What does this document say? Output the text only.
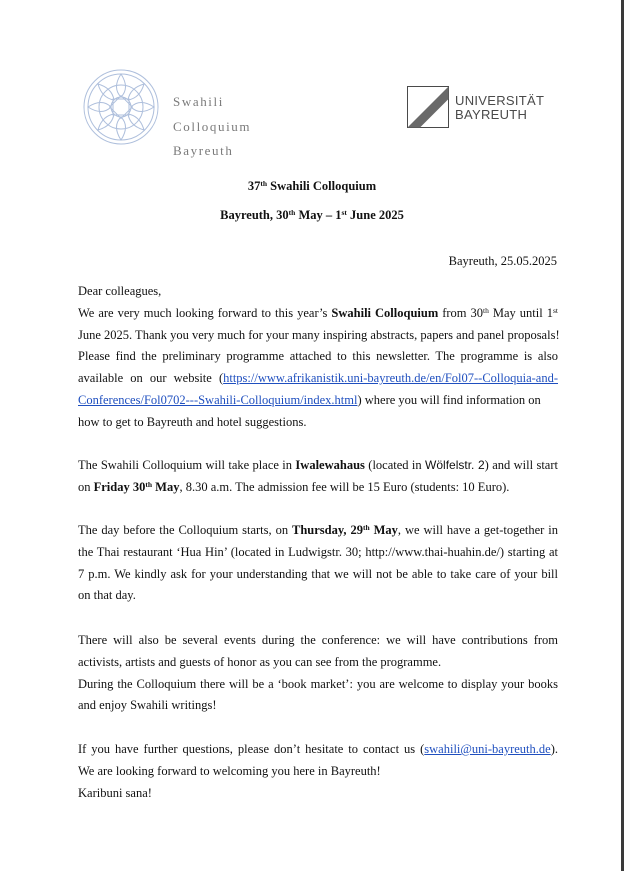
Swahili
Colloquium
Bayreuth
UNIVERSITÄT
BAYREUTH
37th Swahili Colloquium
Bayreuth, 30th May – 1st June 2025
Bayreuth, 25.05.2025
Dear colleagues,
We are very much looking forward to this year’s Swahili Colloquium from 30th May until 1st
June 2025. Thank you very much for your many inspiring abstracts, papers and panel proposals!
Please find the preliminary programme attached to this newsletter. The programme is also
available on our website (https://www.afrikanistik.uni-bayreuth.de/en/Fol07--Colloquia-and-
Conferences/Fol0702---Swahili-Colloquium/index.html) where you will find information on
how to get to Bayreuth and hotel suggestions.
The Swahili Colloquium will take place in Iwalewahaus (located in Wölfelstr. 2) and will start
on Friday 30th May, 8.30 a.m. The admission fee will be 15 Euro (students: 10 Euro).
The day before the Colloquium starts, on Thursday, 29th May, we will have a get-together in
the Thai restaurant ‘Hua Hin’ (located in Ludwigstr. 30; http://www.thai-huahin.de/) starting at
7 p.m. We kindly ask for your understanding that we will not be able to take care of your bill
on that day.
There will also be several events during the conference: we will have contributions from
activists, artists and guests of honor as you can see from the programme.
During the Colloquium there will be a ‘book market’: you are welcome to display your books
and enjoy Swahili writings!
If you have further questions, please don’t hesitate to contact us (swahili@uni-bayreuth.de).
We are looking forward to welcoming you here in Bayreuth!
Karibuni sana!
